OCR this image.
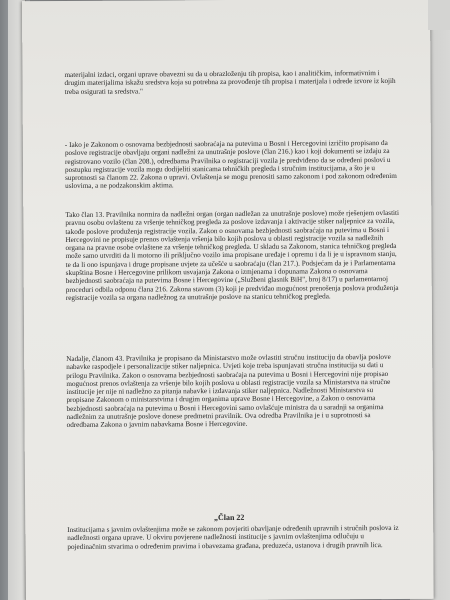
materijalni izdaci, organi uprave obavezni su da u obrazloženju tih propisa, kao i analitičkim, informativnim i drugim materijalima iskažu sredstva koja su potrebna za provođenje tih propisa i materijala i odrede izvore iz kojih treba osigurati ta sredstva."

- Iako je Zakonom o osnovama bezbjednosti saobraćaja na putevima u Bosni i Hercegovini izričito propisano da poslove registracije obavljaju organi nadležni za unutrašnje poslove (član 216.) kao i koji dokumenti se izdaju za registrovano vozilo (član 208.), odredbama Pravilnika o registraciji vozila je predviđeno da se određeni poslovi u postupku registracije vozila mogu dodijeliti stanicama tehničkih pregleda i stručnim institucijama, a što je u suprotnosti sa članom 22. Zakona o upravi. Ovlaštenja se mogu prenositi samo zakonom i pod zakonom određenim uslovima, a ne podzakonskim aktima.

Tako član 13. Pravilnika normira da nadležni organ (organ nadležan za unutrašnje poslove) može rješenjem ovlastiti pravnu osobu ovlaštenu za vršenje tehničkog pregleda za poslove izdavanja i aktivacije stiker naljepnice za vozila, takođe poslove produženja registracije vozila. Zakon o osnovama bezbjednosti saobraćaja na putevima u Bosni i Hercegovini ne propisuje prenos ovlaštenja vršenja bilo kojih poslova u oblasti registracije vozila sa nadležnih organa na pravne osobe ovlaštene za vršenje tehničkog pregleda. U skladu sa Zakonom, stanica tehničkog pregleda može samo utvrditi da li motorno ili priključno vozilo ima propisane uređaje i opremu i da li je u ispravnom stanju, te da li ono ispunjava i druge propisane uvjete za učešće u saobraćaju (član 217.). Podsjećam da je i Parlamentarna skupština Bosne i Hercegovine prilikom usvajanja Zakona o izmjenama i dopunama Zakona o osnovama bezbjednosti saobraćaja na putevima Bosne i Hercegovine („Službeni glasnik BiH", broj 8/17) u parlamentarnoj proceduri odbila odponu člana 216. Zakona stavom (3) koji je predviđao mogućnost prenošenja poslova produženja registracije vozila sa organa nadležnog za unutrašnje poslove na stanicu tehničkog pregleda.

Nadalje, članom 43. Pravilnika je propisano da Ministarstvo može ovlastiti stručnu instituciju da obavlja poslove nabavke raspodjele i personalizacije stiker naljepnica. Uvjeti koje treba ispunjavati stručna institucija su dati u prilogu Pravilnika. Zakon o osnovama bezbjednosti saobraćaja na putevima u Bosni i Hercegovini nije propisao mogućnost prenos ovlaštenja za vršenje bilo kojih poslova u oblasti registracije vozila sa Ministarstva na stručne institucije jer nije ni nadležno za pitanja nabavke i izdavanja stiker naljepnica. Nadležnosti Ministarstva su propisane Zakonom o ministarstvima i drugim organima uprave Bosne i Hercegovine, a Zakon o osnovama bezbjednosti saobraćaja na putevima u Bosni i Hercegovini samo ovlašćuje ministra da u saradnji sa organima nadležnim za unutrašnje poslove donese predmetni pravilnik. Ova odredba Pravilnika je i u suprotnosti sa odredbama Zakona o javnim nabavkama Bosne i Hercegovine.

„Član 22

Institucijama s javnim ovlaštenjima može se zakonom povjeriti obavljanje određenih upravnih i stručnih poslova iz nadležnosti organa uprave. U okviru povjerene nadležnosti institucije s javnim ovlaštenjima odlučuju u pojedinačnim stvarima o određenim pravima i obavezama građana, preduzeća, ustanova i drugih pravnih lica.
